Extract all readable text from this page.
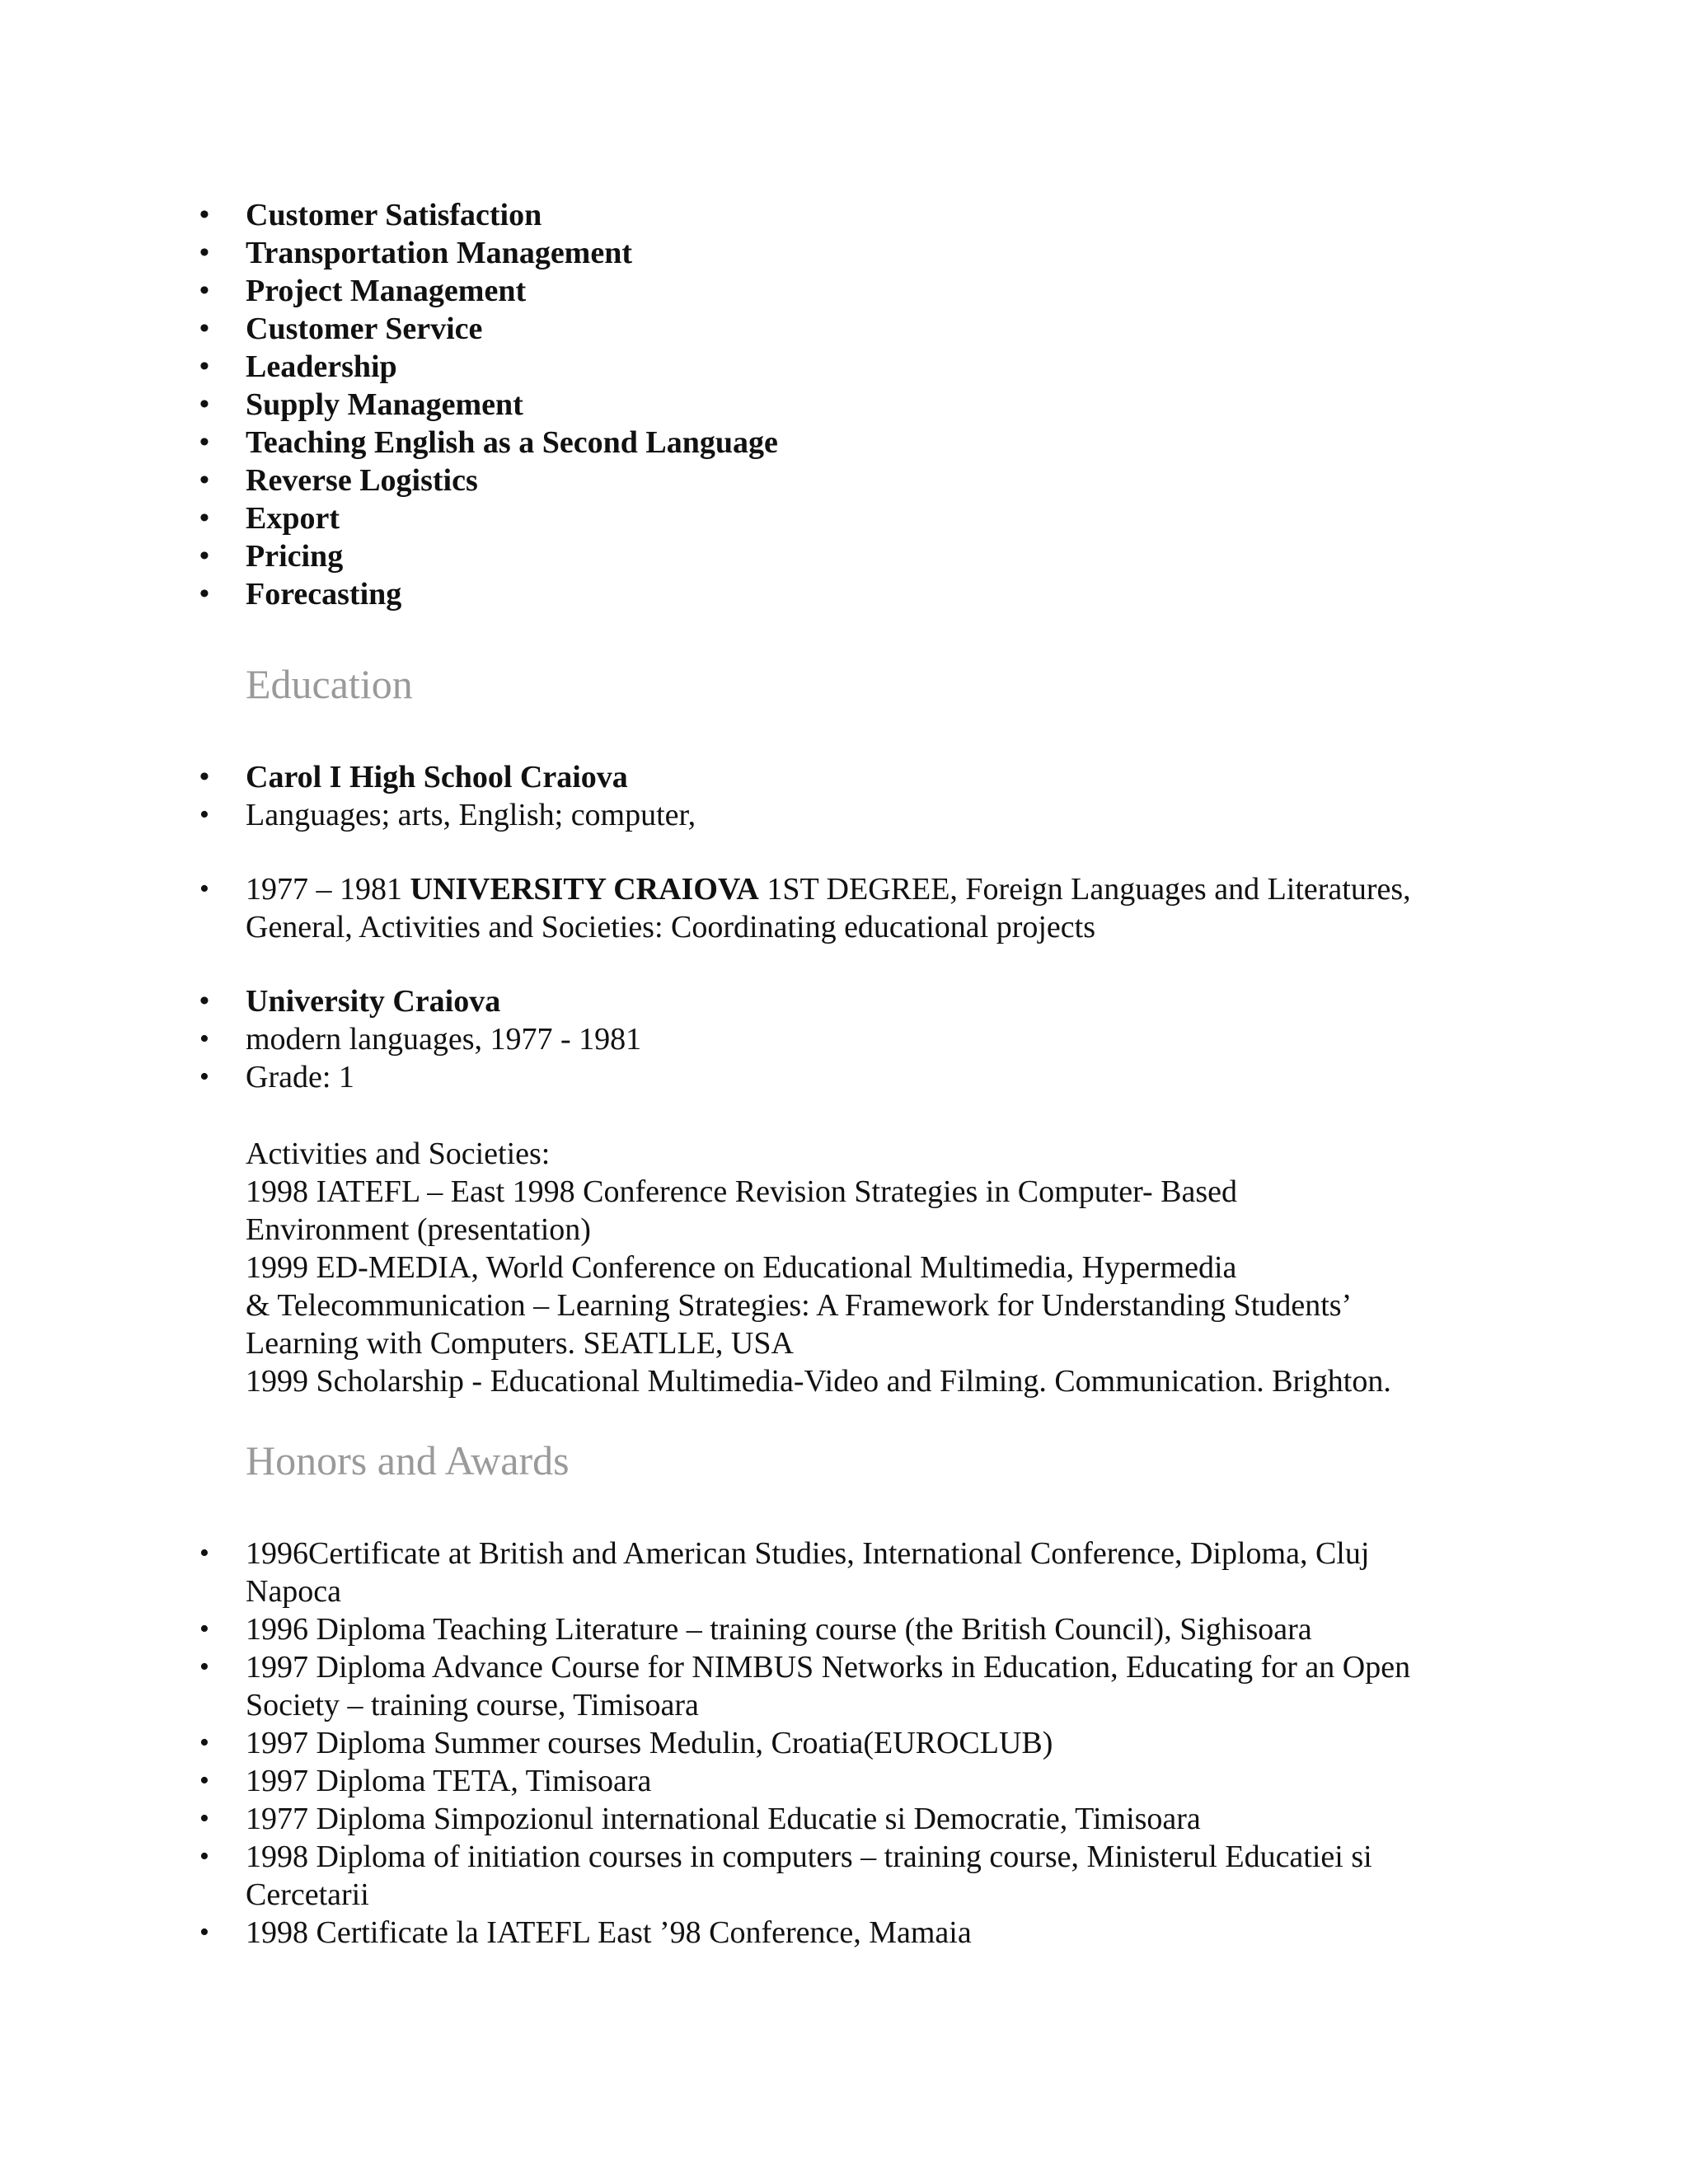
• Customer Satisfaction
• Transportation Management
• Project Management
• Customer Service
• Leadership
• Supply Management
• Teaching English as a Second Language
• Reverse Logistics
• Export
• Pricing
• Forecasting
Education
• Carol I High School Craiova
• Languages; arts, English; computer,
• 1977 – 1981 UNIVERSITY CRAIOVA 1ST DEGREE, Foreign Languages and Literatures,
General, Activities and Societies: Coordinating educational projects
• University Craiova
• modern languages, 1977 - 1981
• Grade: 1
Activities and Societies:
1998 IATEFL – East 1998 Conference Revision Strategies in Computer- Based
Environment (presentation)
1999 ED-MEDIA, World Conference on Educational Multimedia, Hypermedia
& Telecommunication – Learning Strategies: A Framework for Understanding Students’
Learning with Computers. SEATLLE, USA
1999 Scholarship - Educational Multimedia-Video and Filming. Communication. Brighton.
Honors and Awards
• 1996Certificate at British and American Studies, International Conference, Diploma, Cluj
Napoca
• 1996 Diploma Teaching Literature – training course (the British Council), Sighisoara
• 1997 Diploma Advance Course for NIMBUS Networks in Education, Educating for an Open
Society – training course, Timisoara
• 1997 Diploma Summer courses Medulin, Croatia(EUROCLUB)
• 1997 Diploma TETA, Timisoara
• 1977 Diploma Simpozionul international Educatie si Democratie, Timisoara
• 1998 Diploma of initiation courses in computers – training course, Ministerul Educatiei si
Cercetarii
• 1998 Certificate la IATEFL East ’98 Conference, Mamaia
